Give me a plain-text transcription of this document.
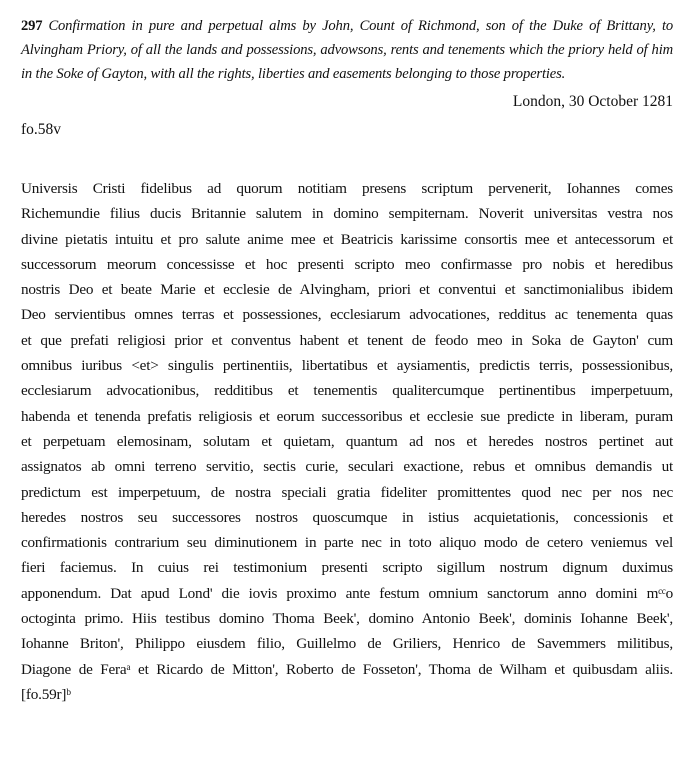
297 Confirmation in pure and perpetual alms by John, Count of Richmond, son of the Duke of Brittany, to Alvingham Priory, of all the lands and possessions, advowsons, rents and tenements which the priory held of him in the Soke of Gayton, with all the rights, liberties and easements belonging to those properties.
London, 30 October 1281
fo.58v
Universis Cristi fidelibus ad quorum notitiam presens scriptum pervenerit, Iohannes comes
Richemundie filius ducis Britannie salutem in domino sempiternam. Noverit universitas vestra nos
divine pietatis intuitu et pro salute anime mee et Beatricis karissime consortis mee et antecessorum et
successorum meorum concessisse et hoc presenti scripto meo confirmasse pro nobis et heredibus
nostris Deo et beate Marie et ecclesie de Alvingham, priori et conventui et sanctimonialibus ibidem
Deo servientibus omnes terras et possessiones, ecclesiarum advocationes, redditus ac tenementa quas
et que prefati religiosi prior et conventus habent et tenent de feodo meo in Soka de Gayton' cum
omnibus iuribus <et> singulis pertinentiis, libertatibus et aysiamentis, predictis terris, possessionibus,
ecclesiarum advocationibus, redditibus et tenementis qualitercumque pertinentibus imperpetuum,
habenda et tenenda prefatis religiosis et eorum successoribus et ecclesie sue predicte in liberam, puram
et perpetuam elemosinam, solutam et quietam, quantum ad nos et heredes nostros pertinet aut
assignatos ab omni terreno servitio, sectis curie, seculari exactione, rebus et omnibus demandis ut
predictum est imperpetuum, de nostra speciali gratia fideliter promittentes quod nec per nos nec
heredes nostros seu successores nostros quoscumque in istius acquietationis, concessionis et
confirmationis contrarium seu diminutionem in parte nec in toto aliquo modo de cetero veniemus vel
fieri faciemus. In cuius rei testimonium presenti scripto sigillum nostrum dignum duximus
apponendum. Dat apud Lond' die iovis proximo ante festum omnium sanctorum anno domini mᶜᶜo
octoginta primo. Hiis testibus domino Thoma Beek', domino Antonio Beek', dominis Iohanne Beek',
Iohanne Briton', Philippo eiusdem filio, Guillelmo de Griliers, Henrico de Savemmers militibus,
Diagone de Feraᵃ et Ricardo de Mitton', Roberto de Fosseton', Thoma de Wilham et quibusdam aliis.
[fo.59r]ᵇ
